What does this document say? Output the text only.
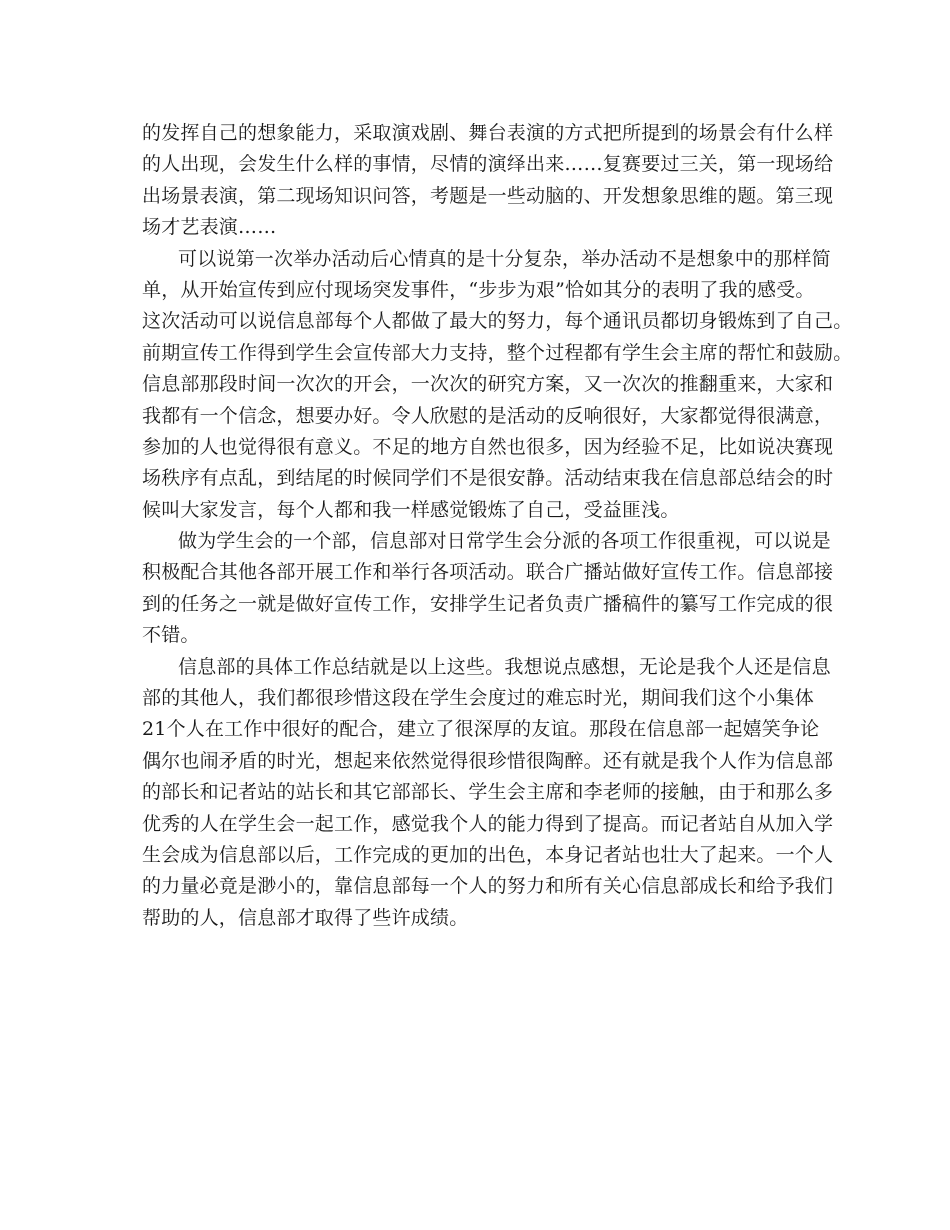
的发挥自己的想象能力，采取演戏剧、舞台表演的方式把所提到的场景会有什么样
的人出现，会发生什么样的事情，尽情的演绎出来……复赛要过三关，第一现场给
出场景表演，第二现场知识问答，考题是一些动脑的、开发想象思维的题。第三现
场才艺表演……
可以说第一次举办活动后心情真的是十分复杂，举办活动不是想象中的那样简
单，从开始宣传到应付现场突发事件，“步步为艰”恰如其分的表明了我的感受。
这次活动可以说信息部每个人都做了最大的努力，每个通讯员都切身锻炼到了自己。
前期宣传工作得到学生会宣传部大力支持，整个过程都有学生会主席的帮忙和鼓励。
信息部那段时间一次次的开会，一次次的研究方案，又一次次的推翻重来，大家和
我都有一个信念，想要办好。令人欣慰的是活动的反响很好，大家都觉得很满意，
参加的人也觉得很有意义。不足的地方自然也很多，因为经验不足，比如说决赛现
场秩序有点乱，到结尾的时候同学们不是很安静。活动结束我在信息部总结会的时
候叫大家发言，每个人都和我一样感觉锻炼了自己，受益匪浅。
做为学生会的一个部，信息部对日常学生会分派的各项工作很重视，可以说是
积极配合其他各部开展工作和举行各项活动。联合广播站做好宣传工作。信息部接
到的任务之一就是做好宣传工作，安排学生记者负责广播稿件的纂写工作完成的很
不错。
信息部的具体工作总结就是以上这些。我想说点感想，无论是我个人还是信息
部的其他人，我们都很珍惜这段在学生会度过的难忘时光，期间我们这个小集体
21个人在工作中很好的配合，建立了很深厚的友谊。那段在信息部一起嬉笑争论
偶尔也闹矛盾的时光，想起来依然觉得很珍惜很陶醉。还有就是我个人作为信息部
的部长和记者站的站长和其它部部长、学生会主席和李老师的接触，由于和那么多
优秀的人在学生会一起工作，感觉我个人的能力得到了提高。而记者站自从加入学
生会成为信息部以后，工作完成的更加的出色，本身记者站也壮大了起来。一个人
的力量必竟是渺小的，靠信息部每一个人的努力和所有关心信息部成长和给予我们
帮助的人，信息部才取得了些许成绩。
